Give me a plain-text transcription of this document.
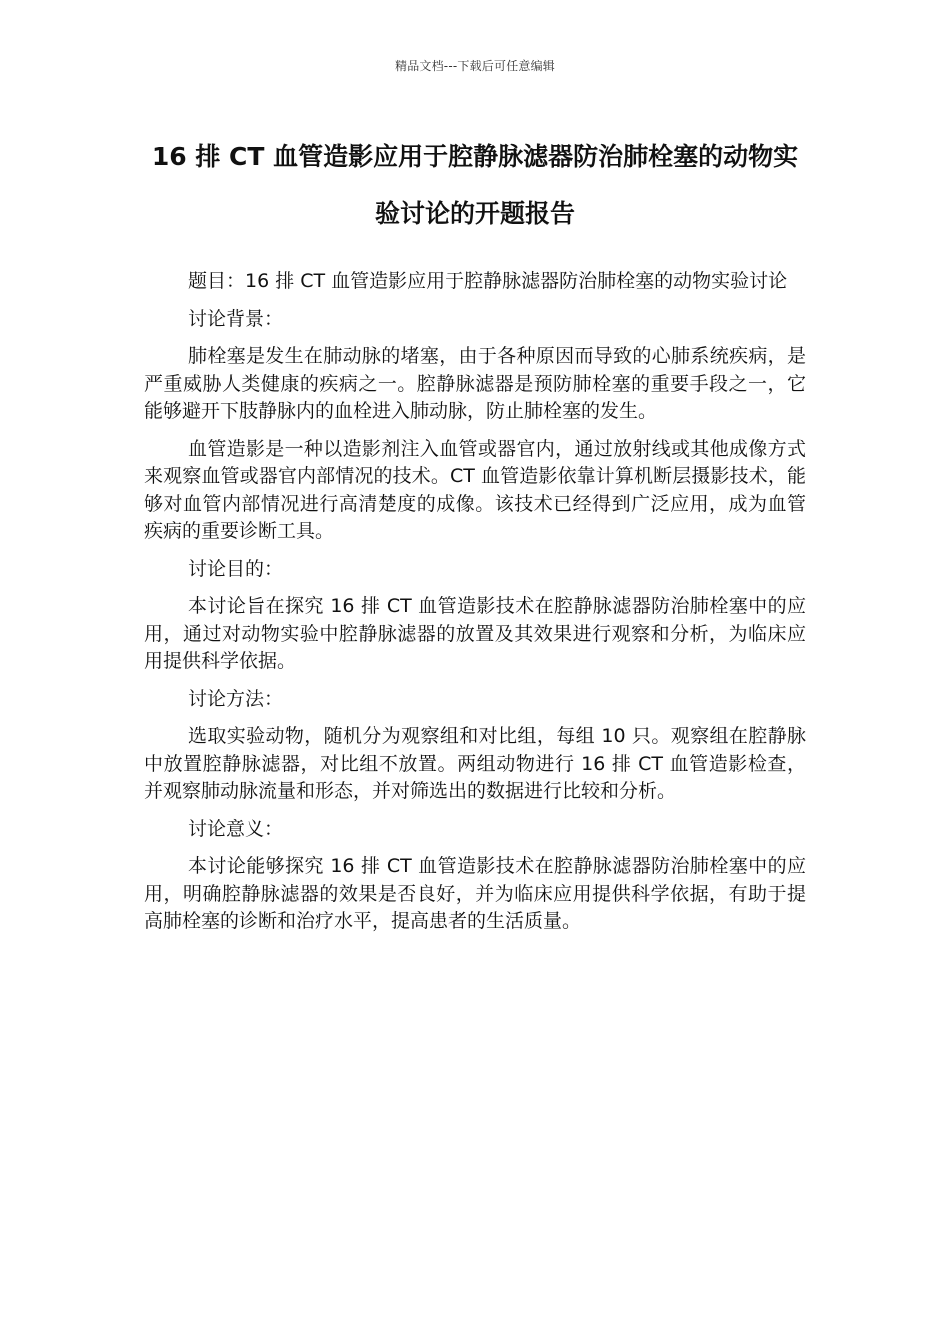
精品文档---下载后可任意编辑
16 排 CT 血管造影应用于腔静脉滤器防治肺栓塞的动物实验讨论的开题报告

题目：16 排 CT 血管造影应用于腔静脉滤器防治肺栓塞的动物实验讨论

讨论背景：

肺栓塞是发生在肺动脉的堵塞，由于各种原因而导致的心肺系统疾病，是严重威胁人类健康的疾病之一。腔静脉滤器是预防肺栓塞的重要手段之一，它能够避开下肢静脉内的血栓进入肺动脉，防止肺栓塞的发生。

血管造影是一种以造影剂注入血管或器官内，通过放射线或其他成像方式来观察血管或器官内部情况的技术。CT 血管造影依靠计算机断层摄影技术，能够对血管内部情况进行高清楚度的成像。该技术已经得到广泛应用，成为血管疾病的重要诊断工具。

讨论目的：

本讨论旨在探究 16 排 CT 血管造影技术在腔静脉滤器防治肺栓塞中的应用，通过对动物实验中腔静脉滤器的放置及其效果进行观察和分析，为临床应用提供科学依据。

讨论方法：

选取实验动物，随机分为观察组和对比组，每组 10 只。观察组在腔静脉中放置腔静脉滤器，对比组不放置。两组动物进行 16 排 CT 血管造影检查，并观察肺动脉流量和形态，并对筛选出的数据进行比较和分析。

讨论意义：

本讨论能够探究 16 排 CT 血管造影技术在腔静脉滤器防治肺栓塞中的应用，明确腔静脉滤器的效果是否良好，并为临床应用提供科学依据，有助于提高肺栓塞的诊断和治疗水平，提高患者的生活质量。
